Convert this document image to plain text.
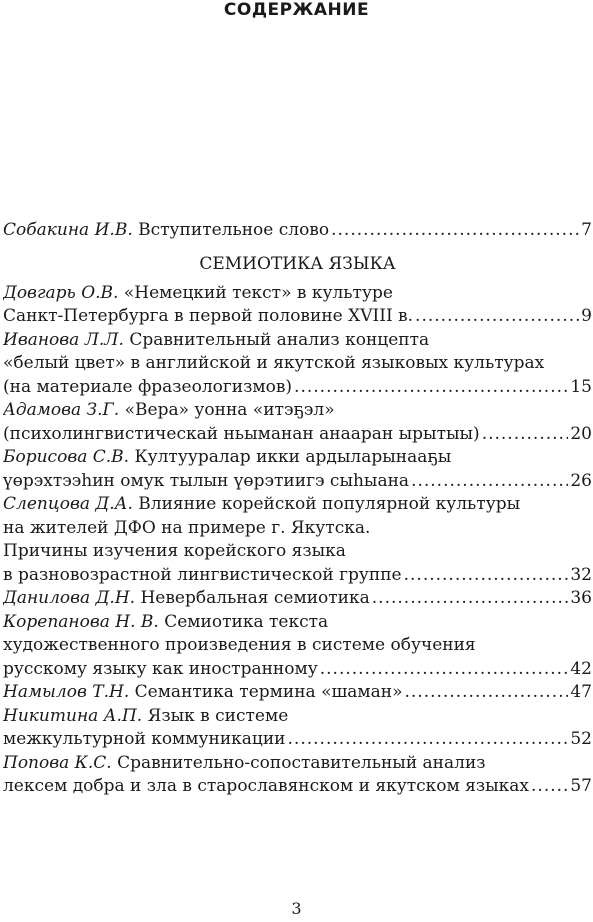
СОДЕРЖАНИЕ
Собакина И.В. Вступительное слово .....	7
СЕМИОТИКА ЯЗЫКА
Довгарь О.В. «Немецкий текст» в культуре
Санкт-Петербурга в первой половине XVIII в. .....	9
Иванова Л.Л. Сравнительный анализ концепта
«белый цвет» в английской и якутской языковых культурах
(на материале фразеологизмов) .....	15
Адамова З.Г. «Вера» уонна «итэҕэл»
(психолингвистическай ньыманан анааран ырытыы) .....	20
Борисова С.В. Култууралар икки ардыларынааҕы
үөрэхтээһин омук тылын үөрэтиигэ сыһыана .....	26
Слепцова Д.А. Влияние корейской популярной культуры
на жителей ДФО на примере г. Якутска.
Причины изучения корейского языка
в разновозрастной лингвистической группе .....	32
Данилова Д.Н. Невербальная семиотика .....	36
Корепанова Н. В. Семиотика текста
художественного произведения в системе обучения
русскому языку как иностранному .....	42
Намылов Т.Н. Семантика термина «шаман» .....	47
Никитина А.П. Язык в системе
межкультурной коммуникации .....	52
Попова К.С. Сравнительно-сопоставительный анализ
лексем добра и зла в старославянском и якутском языках ..... 57
3
